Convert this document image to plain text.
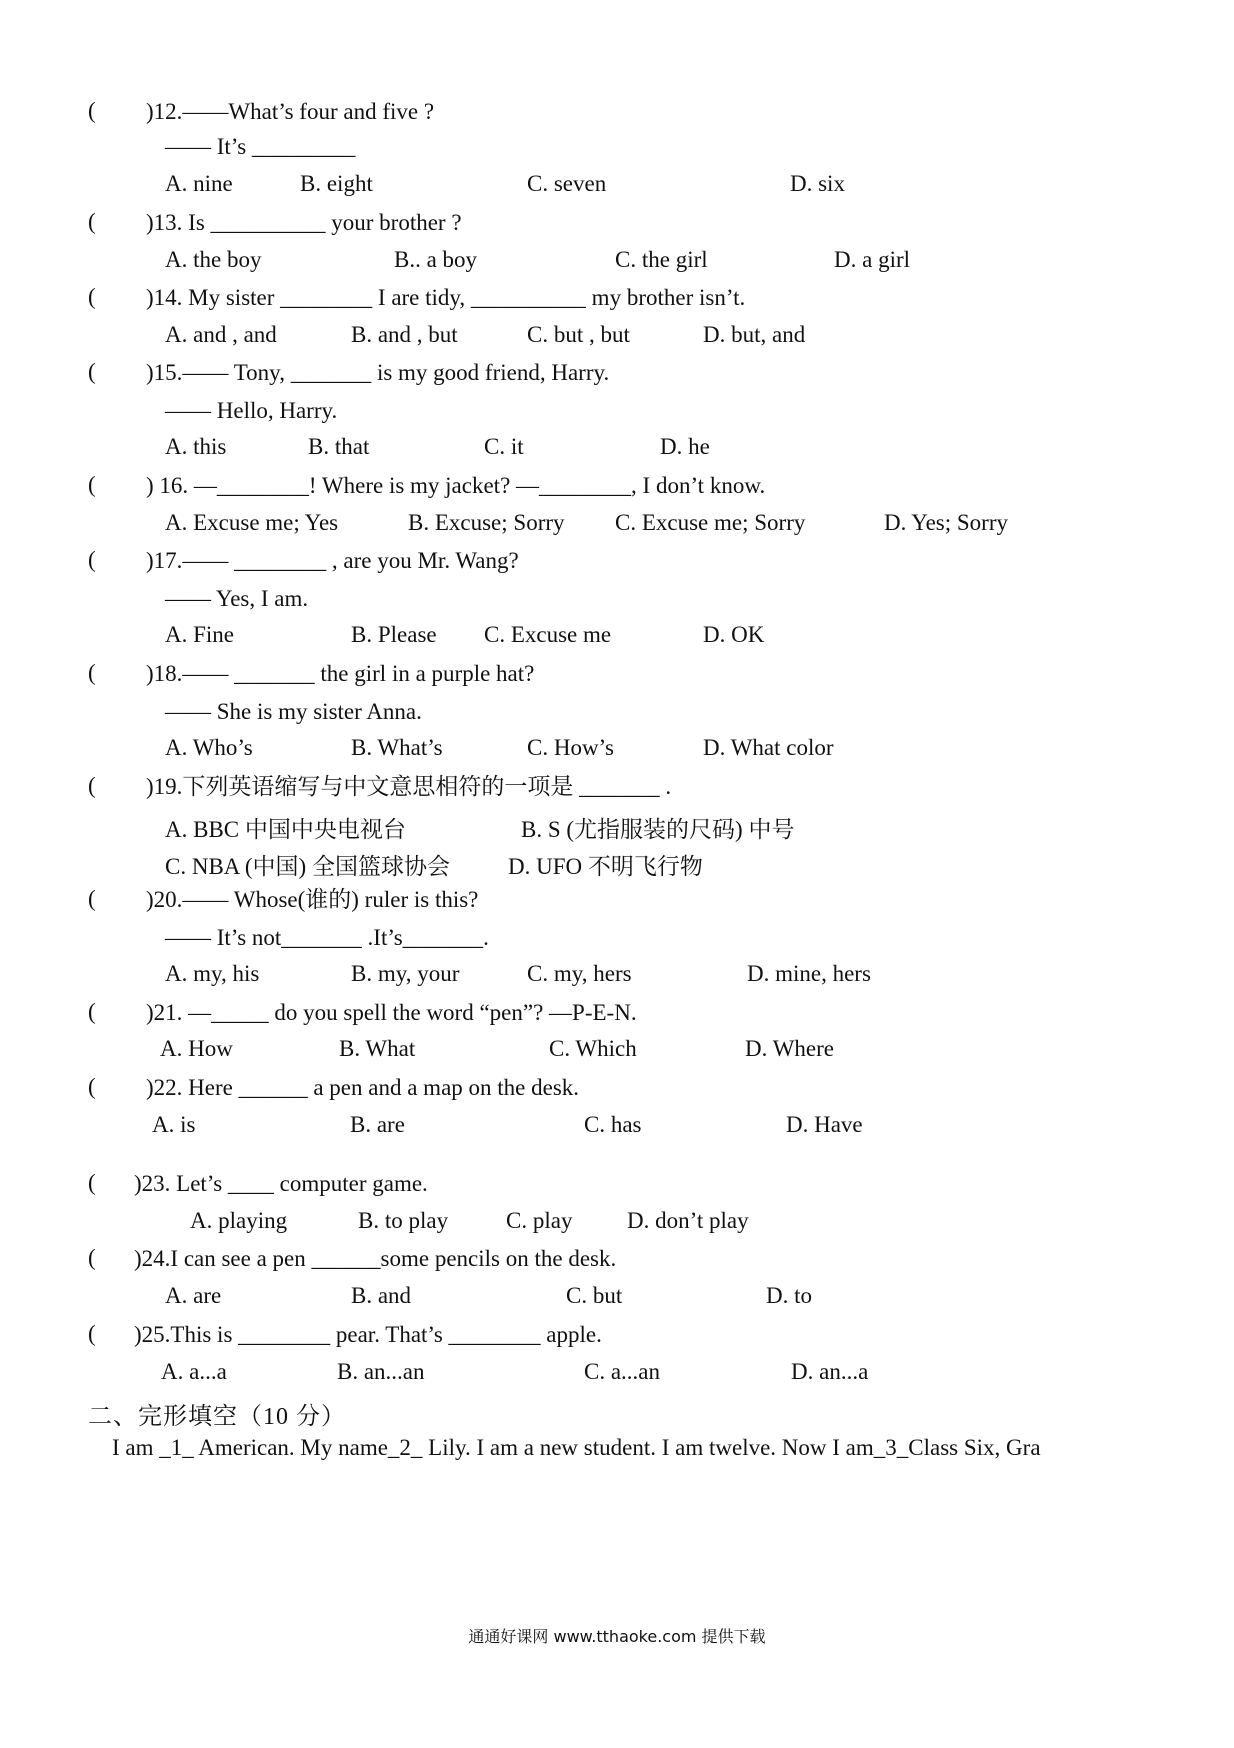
( )12.——What’s four and five ?
—— It’s _________
A. nine	B. eight	C. seven	D. six
( )13. Is __________ your brother ?
A. the boy	B.. a boy	C. the girl	D. a girl
( )14. My sister ________ I are tidy, __________ my brother isn’t.
A. and , and	B. and , but	C. but , but	D. but, and
( )15.—— Tony, _______ is my good friend, Harry.
—— Hello, Harry.
A. this	B. that	C. it	D. he
( ) 16. —________! Where is my jacket? —________, I don’t know.
A. Excuse me; Yes	B. Excuse; Sorry C. Excuse me; Sorry	D. Yes; Sorry
( )17.—— ________ , are you Mr. Wang?
—— Yes, I am.
A. Fine	B. Please C. Excuse me	D. OK
( )18.—— _______ the girl in a purple hat?
—— She is my sister Anna.
A. Who’s	B. What’s	C. How’s	D. What color
( )19.下列英语缩写与中文意思相符的一项是 _______ .
A. BBC 中国中央电视台	B. S (尤指服装的尺码) 中号
C. NBA (中国) 全国篮球协会	D. UFO 不明飞行物
( )20.—— Whose(谁的) ruler is this?
—— It’s not_______ .It’s_______.
A. my, his	B. my, your	C. my, hers	D. mine, hers
( )21. —_____ do you spell the word “pen”? —P-E-N.
A. How	B. What	C. Which	D. Where
( )22. Here ______ a pen and a map on the desk.
A. is	B. are	C. has	D. Have
( )23. Let’s ____ computer game.
A. playing	B. to play	C. play D. don’t play
( )24.I can see a pen ______some pencils on the desk.
A. are	B. and	C. but	D. to
( )25.This is ________ pear. That’s ________ apple.
A. a...a	B. an...an	C. a...an	D. an...a
二、完形填空（10 分）
I am _1_ American. My name_2_ Lily. I am a new student. I am twelve. Now I am_3_Class Six, Gra
通通好课网 www.tthaoke.com 提供下载
